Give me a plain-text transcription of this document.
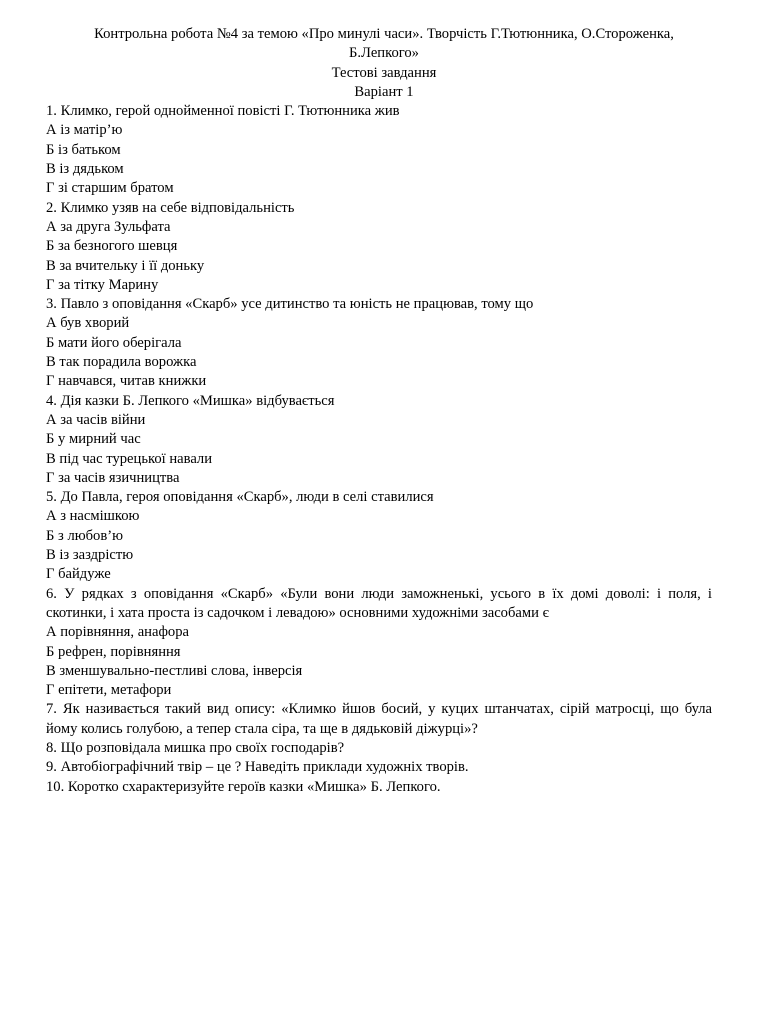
Контрольна робота №4 за темою «Про минулі часи». Творчість Г.Тютюнника, О.Стороженка,
Б.Лепкого»
Тестові завдання
Варіант 1
1. Климко, герой однойменної повісті Г. Тютюнника жив
А із матір’ю
Б із батьком
В із дядьком
Г зі старшим братом
2. Климко узяв на себе відповідальність
А за друга Зульфата
Б за безногого шевця
В за вчительку і її доньку
Г за тітку Марину
3. Павло з оповідання «Скарб» усе дитинство та юність не працював, тому що
А був хворий
Б мати його оберігала
В так порадила ворожка
Г навчався, читав книжки
4. Дія казки Б. Лепкого «Мишка» відбувається
А за часів війни
Б у мирний час
В під час турецької навали
Г за часів язичництва
5. До Павла, героя оповідання «Скарб», люди в селі ставилися
А з насмішкою
Б з любов’ю
В із заздрістю
Г байдуже
6. У рядках з оповідання «Скарб» «Були вони люди заможненькі, усього в їх домі доволі: і поля, і скотинки, і хата проста із садочком і левадою» основними художніми засобами є
А порівняння, анафора
Б рефрен, порівняння
В зменшувально-пестливі слова, інверсія
Г епітети, метафори
7. Як називається такий вид опису: «Климко йшов босий, у куцих штанчатах, сірій матросці, що була йому колись голубою, а тепер стала сіра, та ще в дядьковій діжурці»?
8. Що розповідала мишка про своїх господарів?
9. Автобіографічний твір – це ? Наведіть приклади художніх творів.
10. Коротко схарактеризуйте героїв казки «Мишка» Б. Лепкого.
